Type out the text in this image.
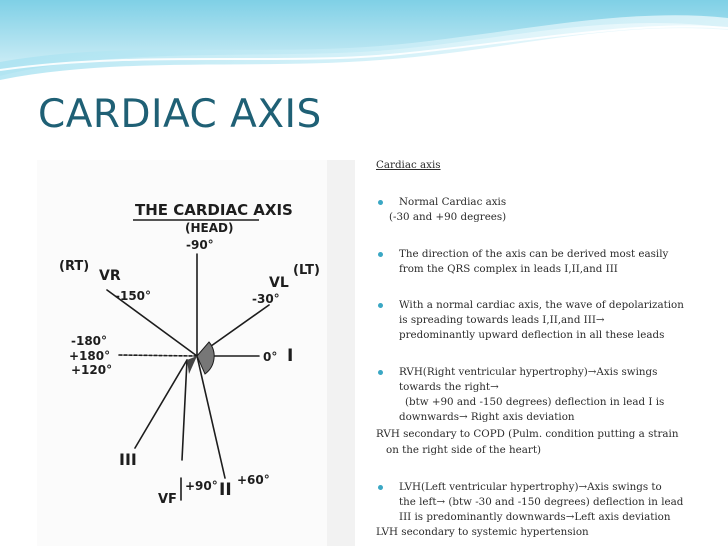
CARDIAC AXIS
THE CARDIAC AXIS
(HEAD)
-90°
(RT)	(LT)
VR
-150°
VL
-30°
-180°
+180°
+120°
0° I
+60°
III
II
VF
+90°

Cardiac axis

Normal Cardiac axis

(-30 and +90 degrees)

The direction of the axis can be derived most easily

from the QRS complex in leads I,II,and III

With a normal cardiac axis, the wave of depolarization

is spreading towards leads I,II,and III→

predominantly upward deflection in all these leads

RVH(Right ventricular hypertrophy)→Axis swings

towards the right→

(btw +90 and -150 degrees) deflection in lead I is

downwards→ Right axis deviation

RVH secondary to COPD (Pulm. condition putting a strain

on the right side of the heart)

LVH(Left ventricular hypertrophy)→Axis swings to

the left→ (btw -30 and -150 degrees) deflection in lead

III is predominantly downwards→Left axis deviation

LVH secondary to systemic hypertension
